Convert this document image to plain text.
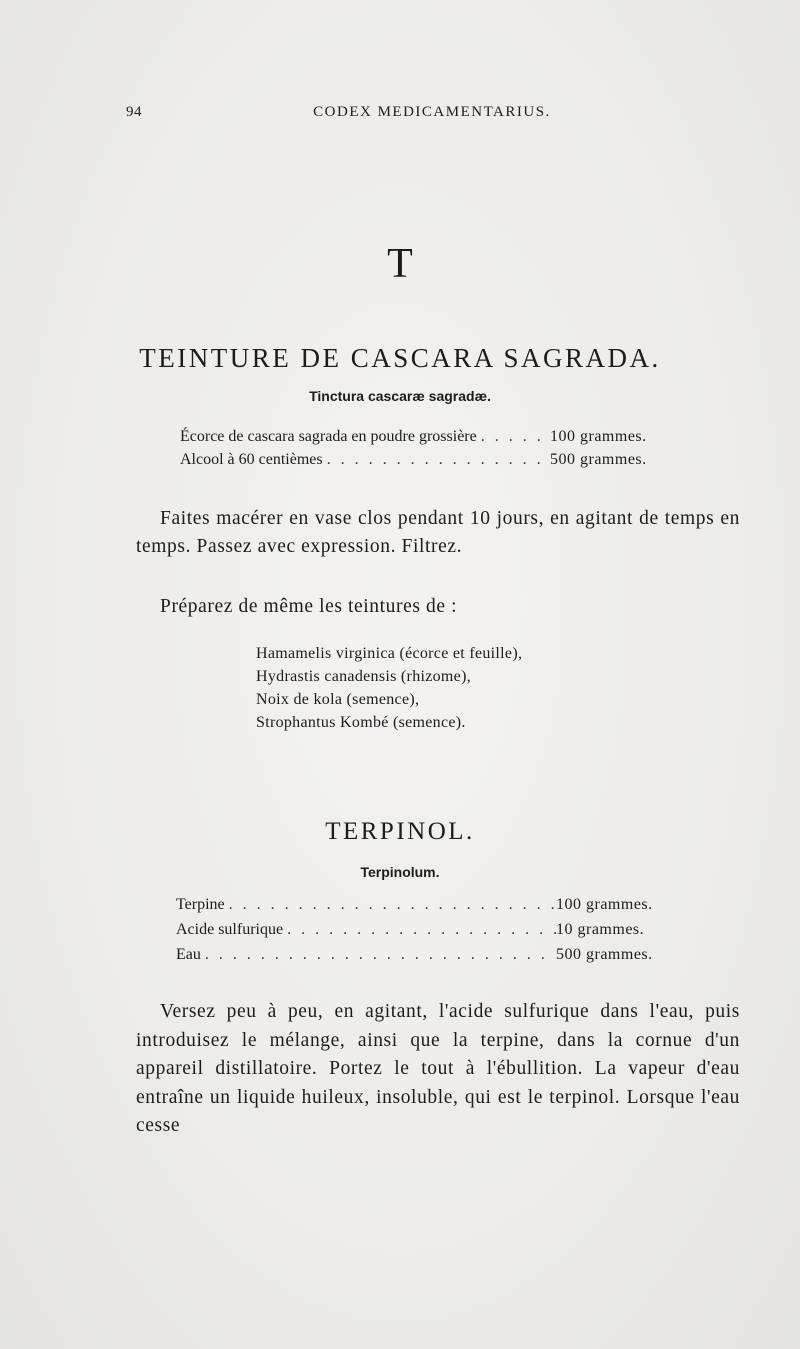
94	CODEX MEDICAMENTARIUS.
T
TEINTURE DE CASCARA SAGRADA.
Tinctura cascaræ sagradæ.
Écorce de cascara sagrada en poudre grossière . . .	100 grammes.
Alcool à 60 centièmes . . .	500 grammes.

Faites macérer en vase clos pendant 10 jours, en agitant de temps en temps. Passez avec expression. Filtrez.

Préparez de même les teintures de :

Hamamelis virginica (écorce et feuille),
Hydrastis canadensis (rhizome),
Noix de kola (semence),
Strophantus Kombé (semence).
TERPINOL.
Terpinolum.
Terpine . . .	100 grammes.
Acide sulfurique . . .	10 grammes.
Eau . . .	500 grammes.

Versez peu à peu, en agitant, l'acide sulfurique dans l'eau, puis introduisez le mélange, ainsi que la terpine, dans la cornue d'un appareil distillatoire. Portez le tout à l'ébullition. La vapeur d'eau entraîne un liquide huileux, insoluble, qui est le terpinol. Lorsque l'eau cesse
